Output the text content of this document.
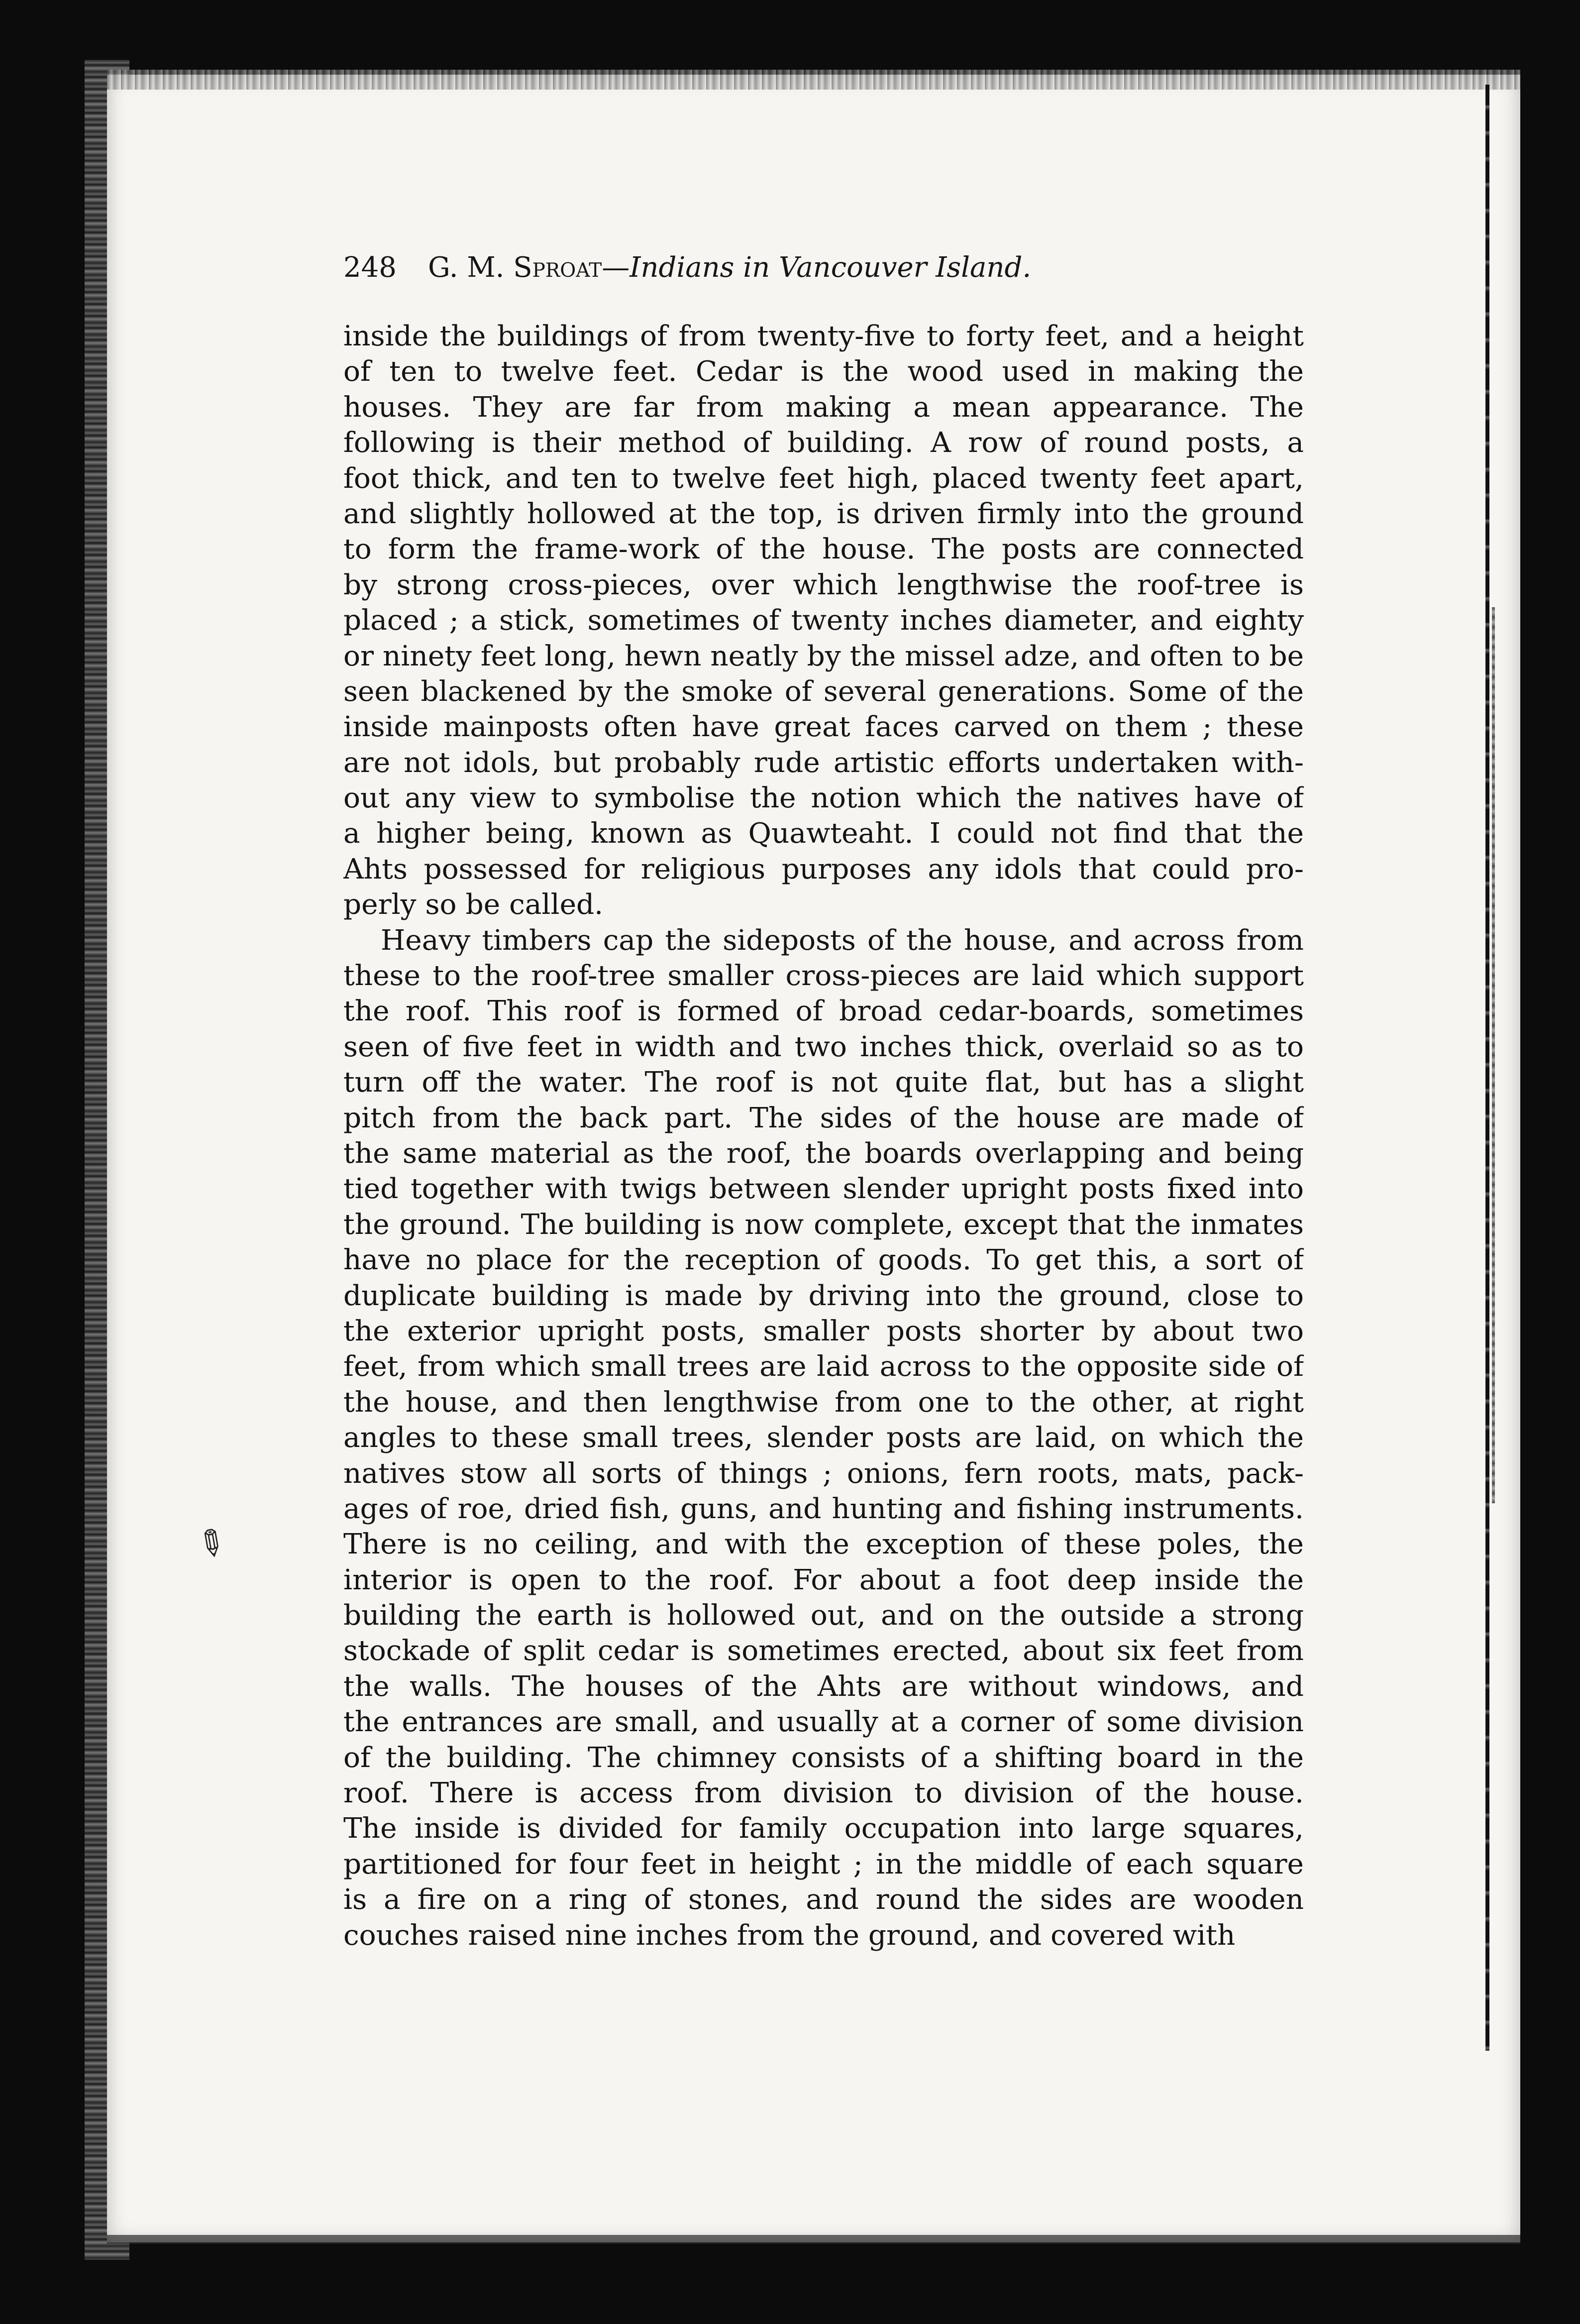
✎
248 G. M. Sproat—Indians in Vancouver Island.
inside the buildings of from twenty-five to forty feet, and a height
of ten to twelve feet. Cedar is the wood used in making the
houses. They are far from making a mean appearance. The
following is their method of building. A row of round posts, a
foot thick, and ten to twelve feet high, placed twenty feet apart,
and slightly hollowed at the top, is driven firmly into the ground
to form the frame-work of the house. The posts are connected
by strong cross-pieces, over which lengthwise the roof-tree is
placed ; a stick, sometimes of twenty inches diameter, and eighty
or ninety feet long, hewn neatly by the missel adze, and often to be
seen blackened by the smoke of several generations. Some of the
inside mainposts often have great faces carved on them ; these
are not idols, but probably rude artistic efforts undertaken with-
out any view to symbolise the notion which the natives have of
a higher being, known as Quawteaht. I could not find that the
Ahts possessed for religious purposes any idols that could pro-
perly so be called.
Heavy timbers cap the sideposts of the house, and across from
these to the roof-tree smaller cross-pieces are laid which support
the roof. This roof is formed of broad cedar-boards, sometimes
seen of five feet in width and two inches thick, overlaid so as to
turn off the water. The roof is not quite flat, but has a slight
pitch from the back part. The sides of the house are made of
the same material as the roof, the boards overlapping and being
tied together with twigs between slender upright posts fixed into
the ground. The building is now complete, except that the inmates
have no place for the reception of goods. To get this, a sort of
duplicate building is made by driving into the ground, close to
the exterior upright posts, smaller posts shorter by about two
feet, from which small trees are laid across to the opposite side of
the house, and then lengthwise from one to the other, at right
angles to these small trees, slender posts are laid, on which the
natives stow all sorts of things ; onions, fern roots, mats, pack-
ages of roe, dried fish, guns, and hunting and fishing instruments.
There is no ceiling, and with the exception of these poles, the
interior is open to the roof. For about a foot deep inside the
building the earth is hollowed out, and on the outside a strong
stockade of split cedar is sometimes erected, about six feet from
the walls. The houses of the Ahts are without windows, and
the entrances are small, and usually at a corner of some division
of the building. The chimney consists of a shifting board in the
roof. There is access from division to division of the house.
The inside is divided for family occupation into large squares,
partitioned for four feet in height ; in the middle of each square
is a fire on a ring of stones, and round the sides are wooden
couches raised nine inches from the ground, and covered with
